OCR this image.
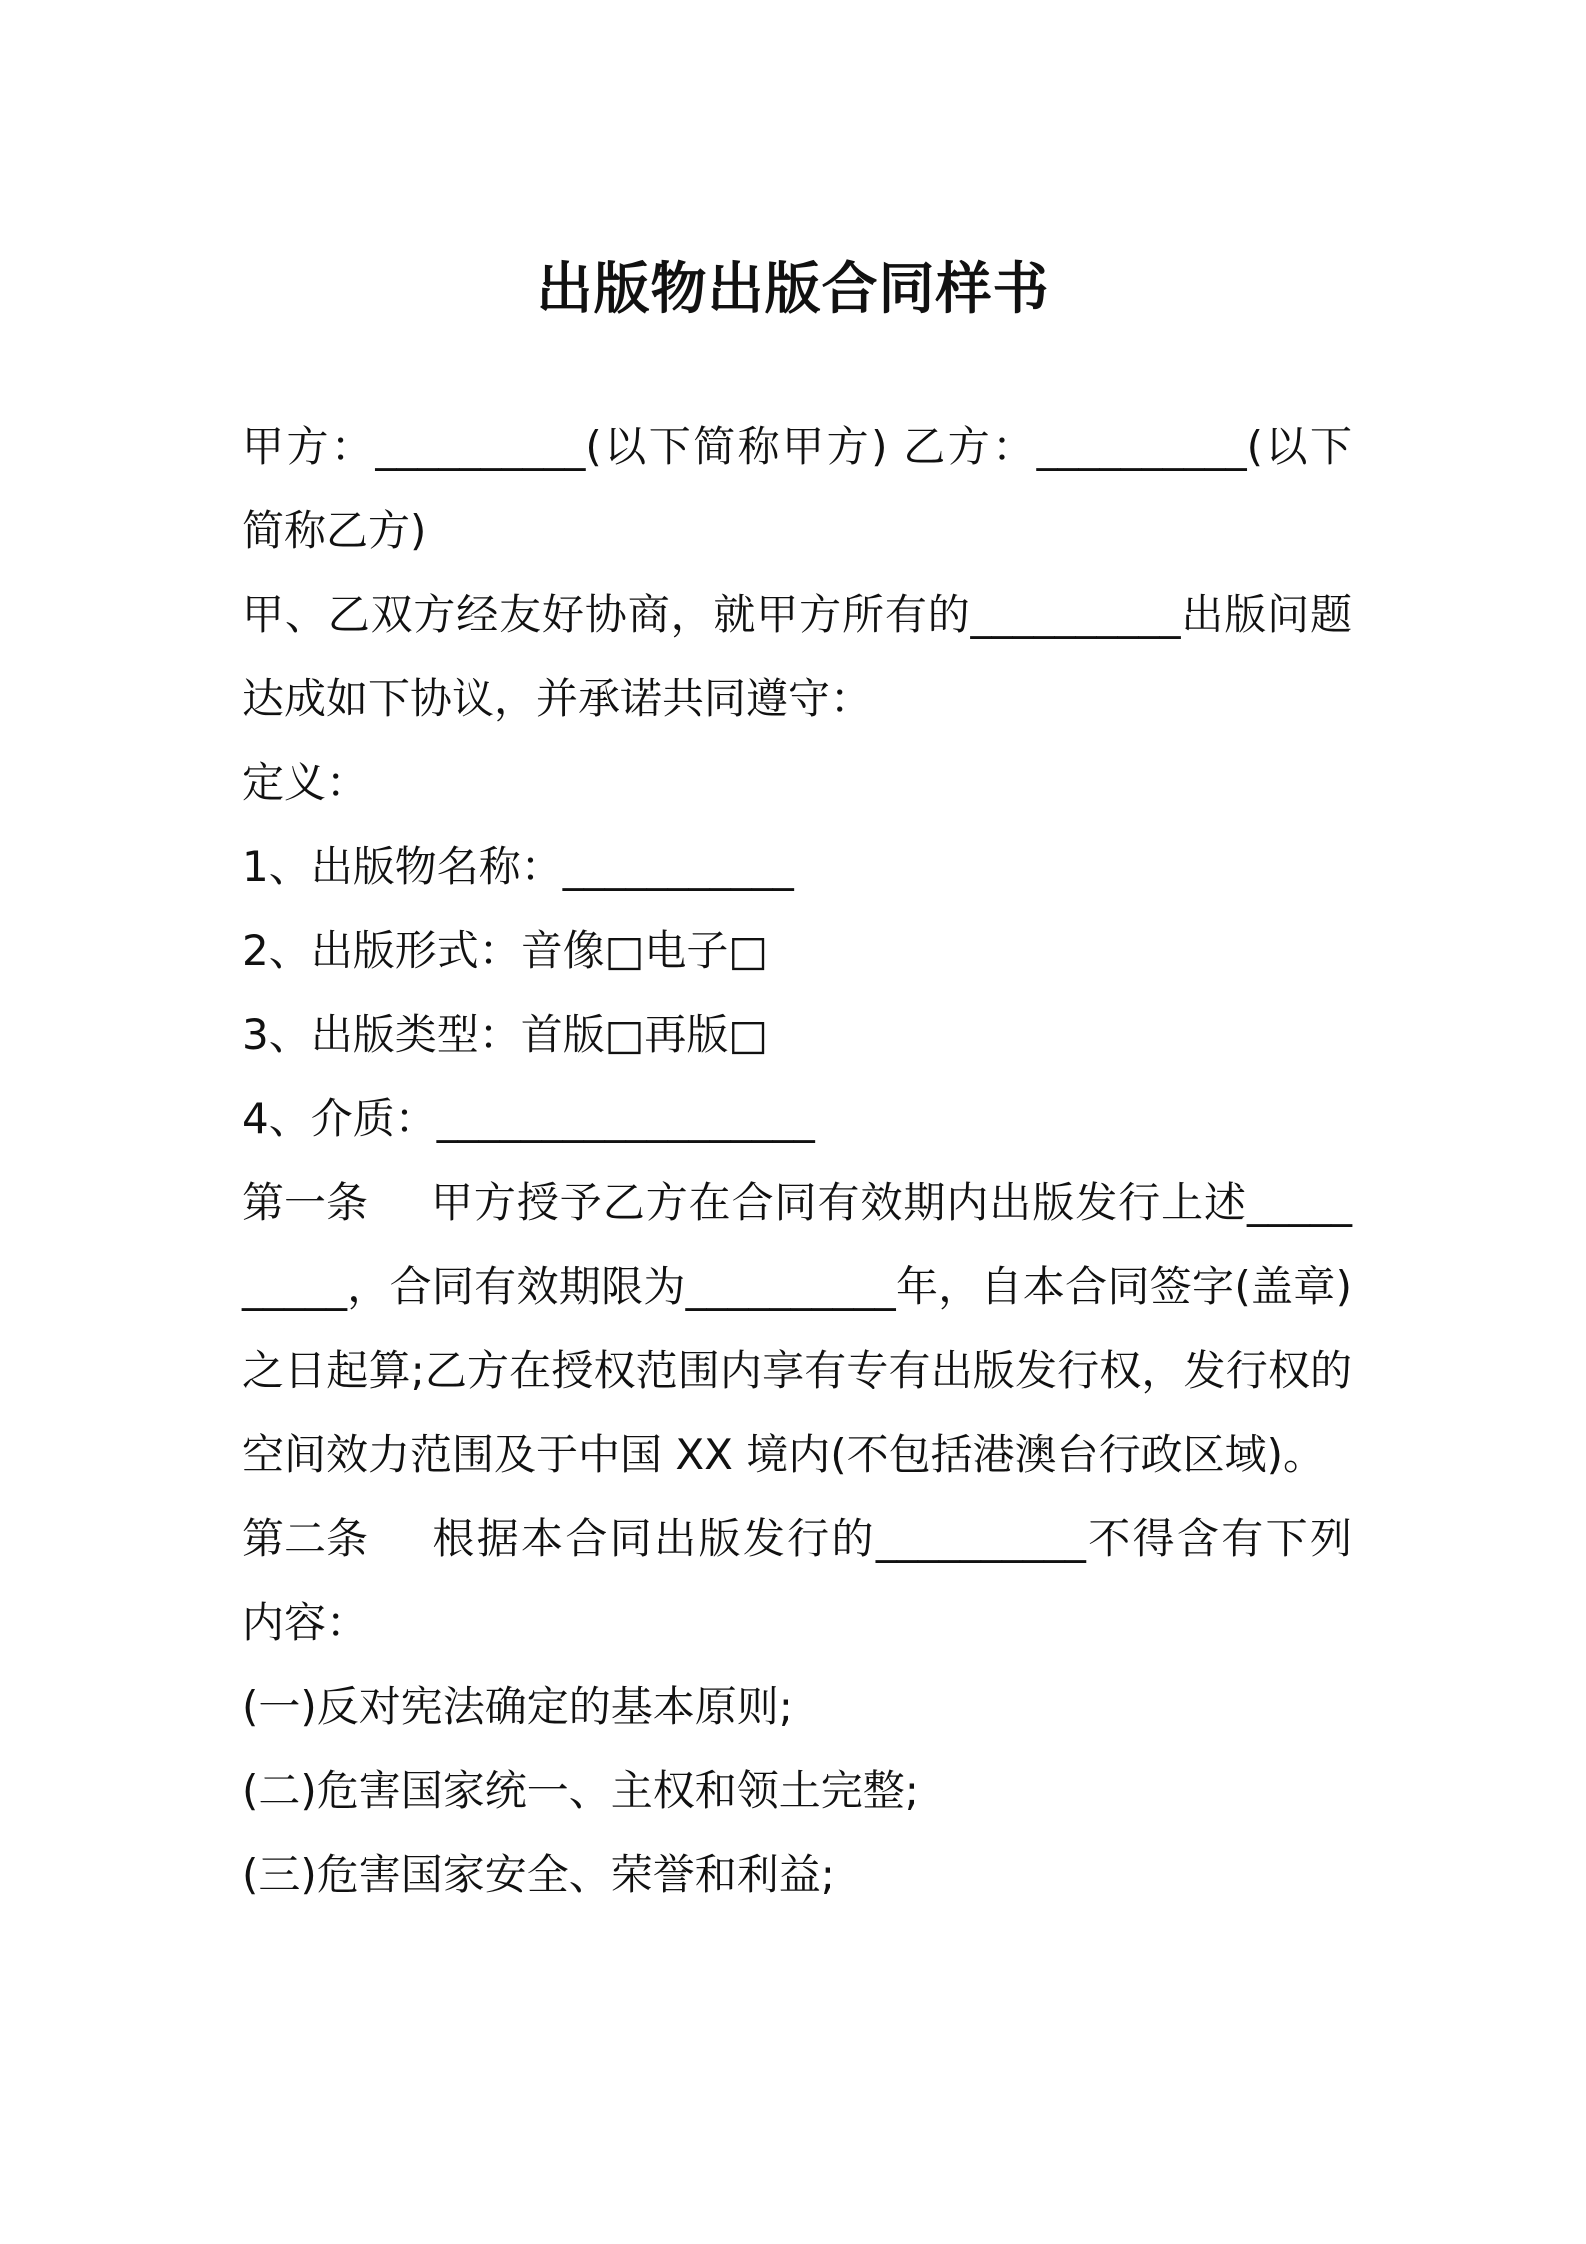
出版物出版合同样书

甲方：__________(以下简称甲方) 乙方：__________(以下简称乙方)

甲、乙双方经友好协商，就甲方所有的__________出版问题达成如下协议，并承诺共同遵守：

定义：

1、出版物名称：___________

2、出版形式：音像□电子□

3、出版类型：首版□再版□

4、介质：__________________

第一条 甲方授予乙方在合同有效期内出版发行上述__________，合同有效期限为__________年，自本合同签字(盖章)之日起算;乙方在授权范围内享有专有出版发行权，发行权的空间效力范围及于中国 XX 境内(不包括港澳台行政区域)。

第二条 根据本合同出版发行的__________不得含有下列内容：

(一)反对宪法确定的基本原则;

(二)危害国家统一、主权和领土完整;

(三)危害国家安全、荣誉和利益;
